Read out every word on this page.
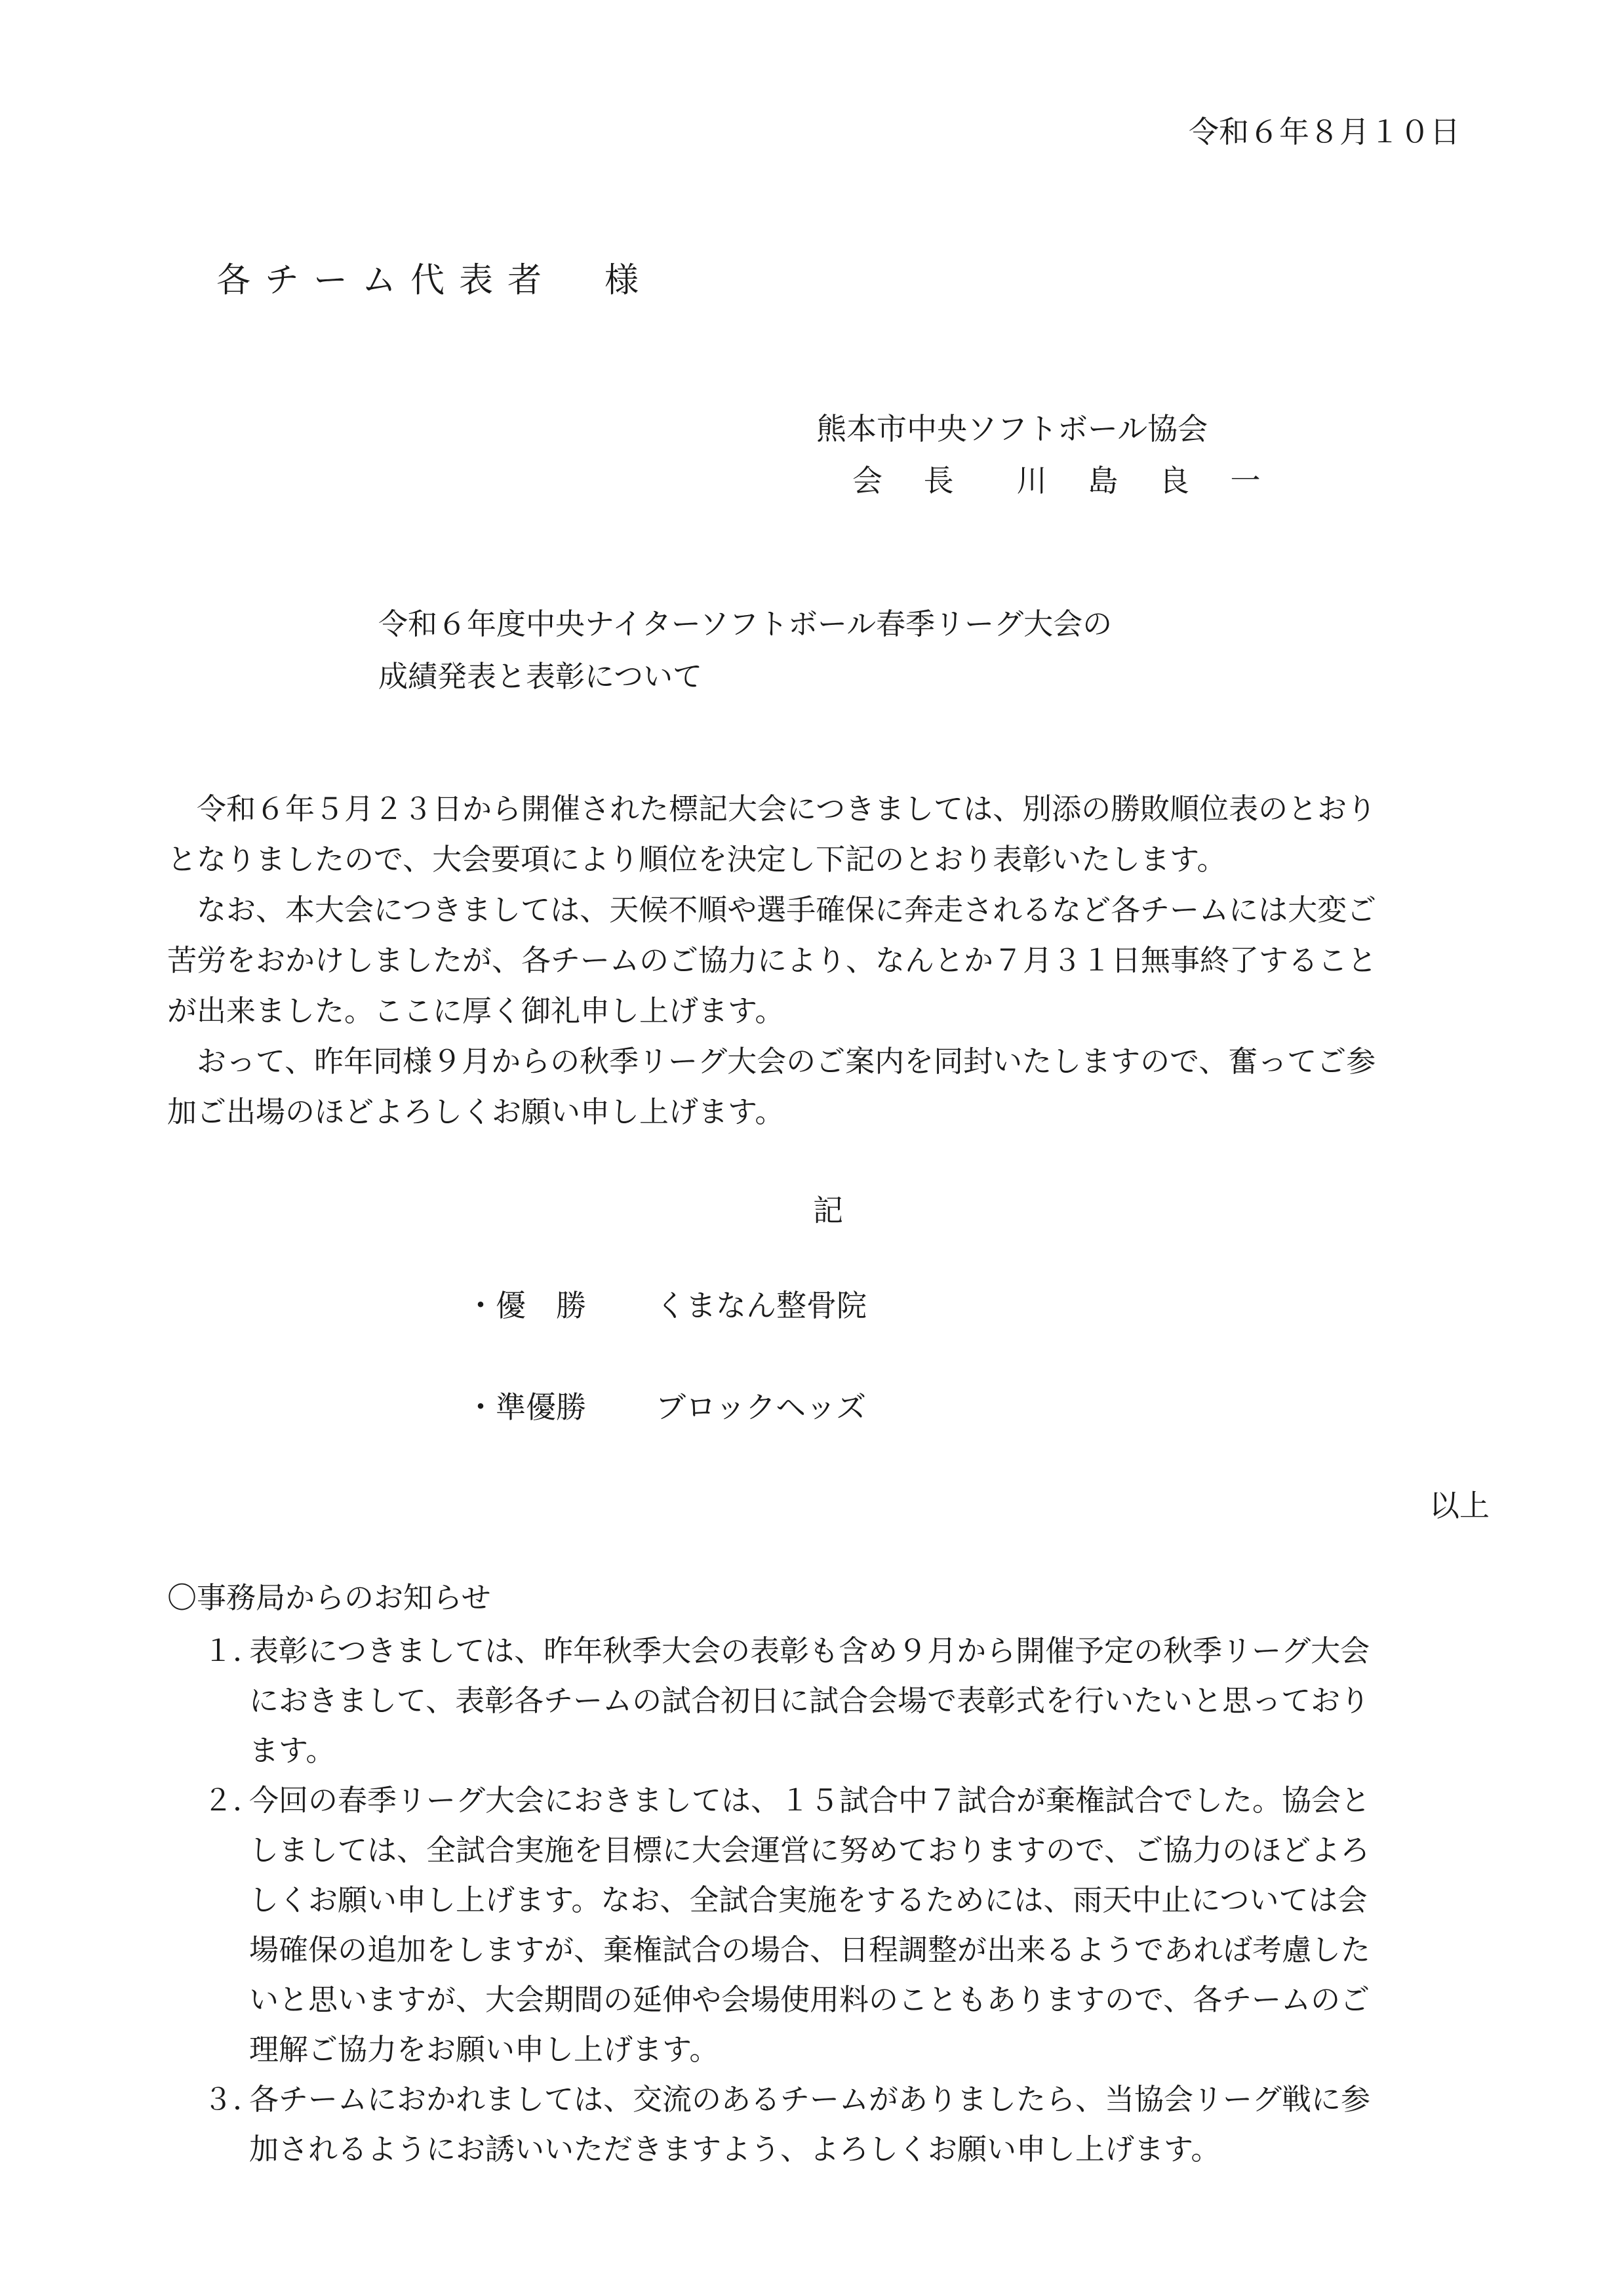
令和６年８月１０日
各チーム代表者　様
熊本市中央ソフトボール協会
会 長 川 島 良 一
令和６年度中央ナイターソフトボール春季リーグ大会の
成績発表と表彰について
　令和６年５月２３日から開催された標記大会につきましては、別添の勝敗順位表のとおり
となりましたので、大会要項により順位を決定し下記のとおり表彰いたします。
　なお、本大会につきましては、天候不順や選手確保に奔走されるなど各チームには大変ご
苦労をおかけしましたが、各チームのご協力により、なんとか７月３１日無事終了すること
が出来ました。ここに厚く御礼申し上げます。
　おって、昨年同様９月からの秋季リーグ大会のご案内を同封いたしますので、奮ってご参
加ご出場のほどよろしくお願い申し上げます。
記
・優　勝 くまなん整骨院
・準優勝 ブロックヘッズ
以上
〇事務局からのお知らせ
１．表彰につきましては、昨年秋季大会の表彰も含め９月から開催予定の秋季リーグ大会
におきまして、表彰各チームの試合初日に試合会場で表彰式を行いたいと思っており
ます。
２．今回の春季リーグ大会におきましては、１５試合中７試合が棄権試合でした。協会と
しましては、全試合実施を目標に大会運営に努めておりますので、ご協力のほどよろ
しくお願い申し上げます。なお、全試合実施をするためには、雨天中止については会
場確保の追加をしますが、棄権試合の場合、日程調整が出来るようであれば考慮した
いと思いますが、大会期間の延伸や会場使用料のこともありますので、各チームのご
理解ご協力をお願い申し上げます。
３．各チームにおかれましては、交流のあるチームがありましたら、当協会リーグ戦に参
加されるようにお誘いいただきますよう、よろしくお願い申し上げます。
